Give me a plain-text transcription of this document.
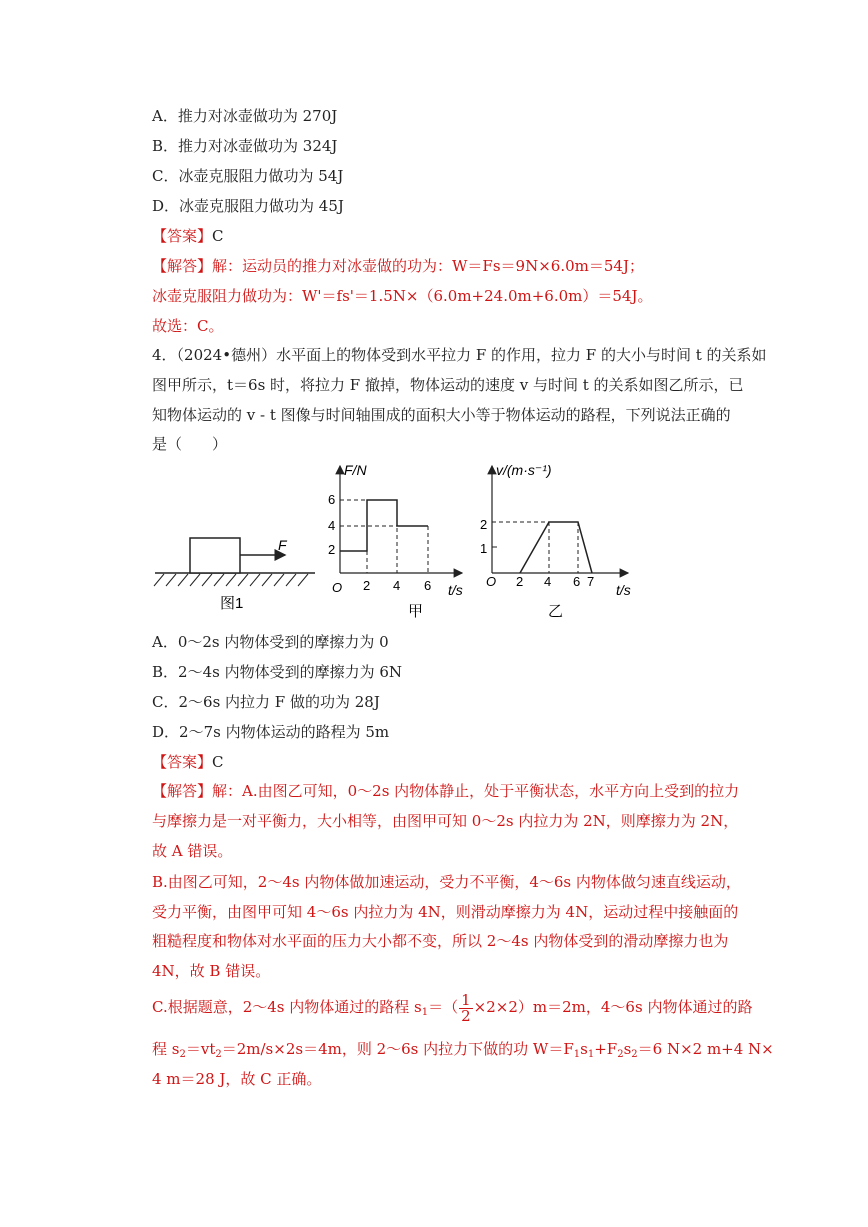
A．推力对冰壶做功为 270J
B．推力对冰壶做功为 324J
C．冰壶克服阻力做功为 54J
D．冰壶克服阻力做功为 45J
【答案】C
【解答】解：运动员的推力对冰壶做的功为：W＝Fs＝9N×6.0m＝54J；
冰壶克服阻力做功为：W'＝fs'＝1.5N×（6.0m+24.0m+6.0m）＝54J。
故选：C。
4．（2024•德州）水平面上的物体受到水平拉力 F 的作用，拉力 F 的大小与时间 t 的关系如
图甲所示，t＝6s 时，将拉力 F 撤掉，物体运动的速度 v 与时间 t 的关系如图乙所示，已
知物体运动的 v - t 图像与时间轴围成的面积大小等于物体运动的路程，下列说法正确的
是（　　）
F
图1
F/N
t/s
2
4
6
O 2 4 6
甲
v/(m·s⁻¹)
t/s
1
2
O 2 4 6 7
乙
A．0～2s 内物体受到的摩擦力为 0
B．2～4s 内物体受到的摩擦力为 6N
C．2～6s 内拉力 F 做的功为 28J
D．2～7s 内物体运动的路程为 5m
【答案】C
【解答】解：A.由图乙可知，0～2s 内物体静止，处于平衡状态，水平方向上受到的拉力
与摩擦力是一对平衡力，大小相等，由图甲可知 0～2s 内拉力为 2N，则摩擦力为 2N，
故 A 错误。
B.由图乙可知，2～4s 内物体做加速运动，受力不平衡，4～6s 内物体做匀速直线运动，
受力平衡，由图甲可知 4～6s 内拉力为 4N，则滑动摩擦力为 4N，运动过程中接触面的
粗糙程度和物体对水平面的压力大小都不变，所以 2～4s 内物体受到的滑动摩擦力也为
4N，故 B 错误。
C.根据题意，2～4s 内物体通过的路程 $s_1=( \frac{1}{2} \times 2\times 2)m=2m$，4～6s 内物体通过的路
程 $s_2=vt_2=2m/s\times 2s=4m$，则 2～6s 内拉力下做的功 $W=F_1s_1+F_2s_2=6$ N×2 m+4 N×
4 m＝28 J，故 C 正确。
